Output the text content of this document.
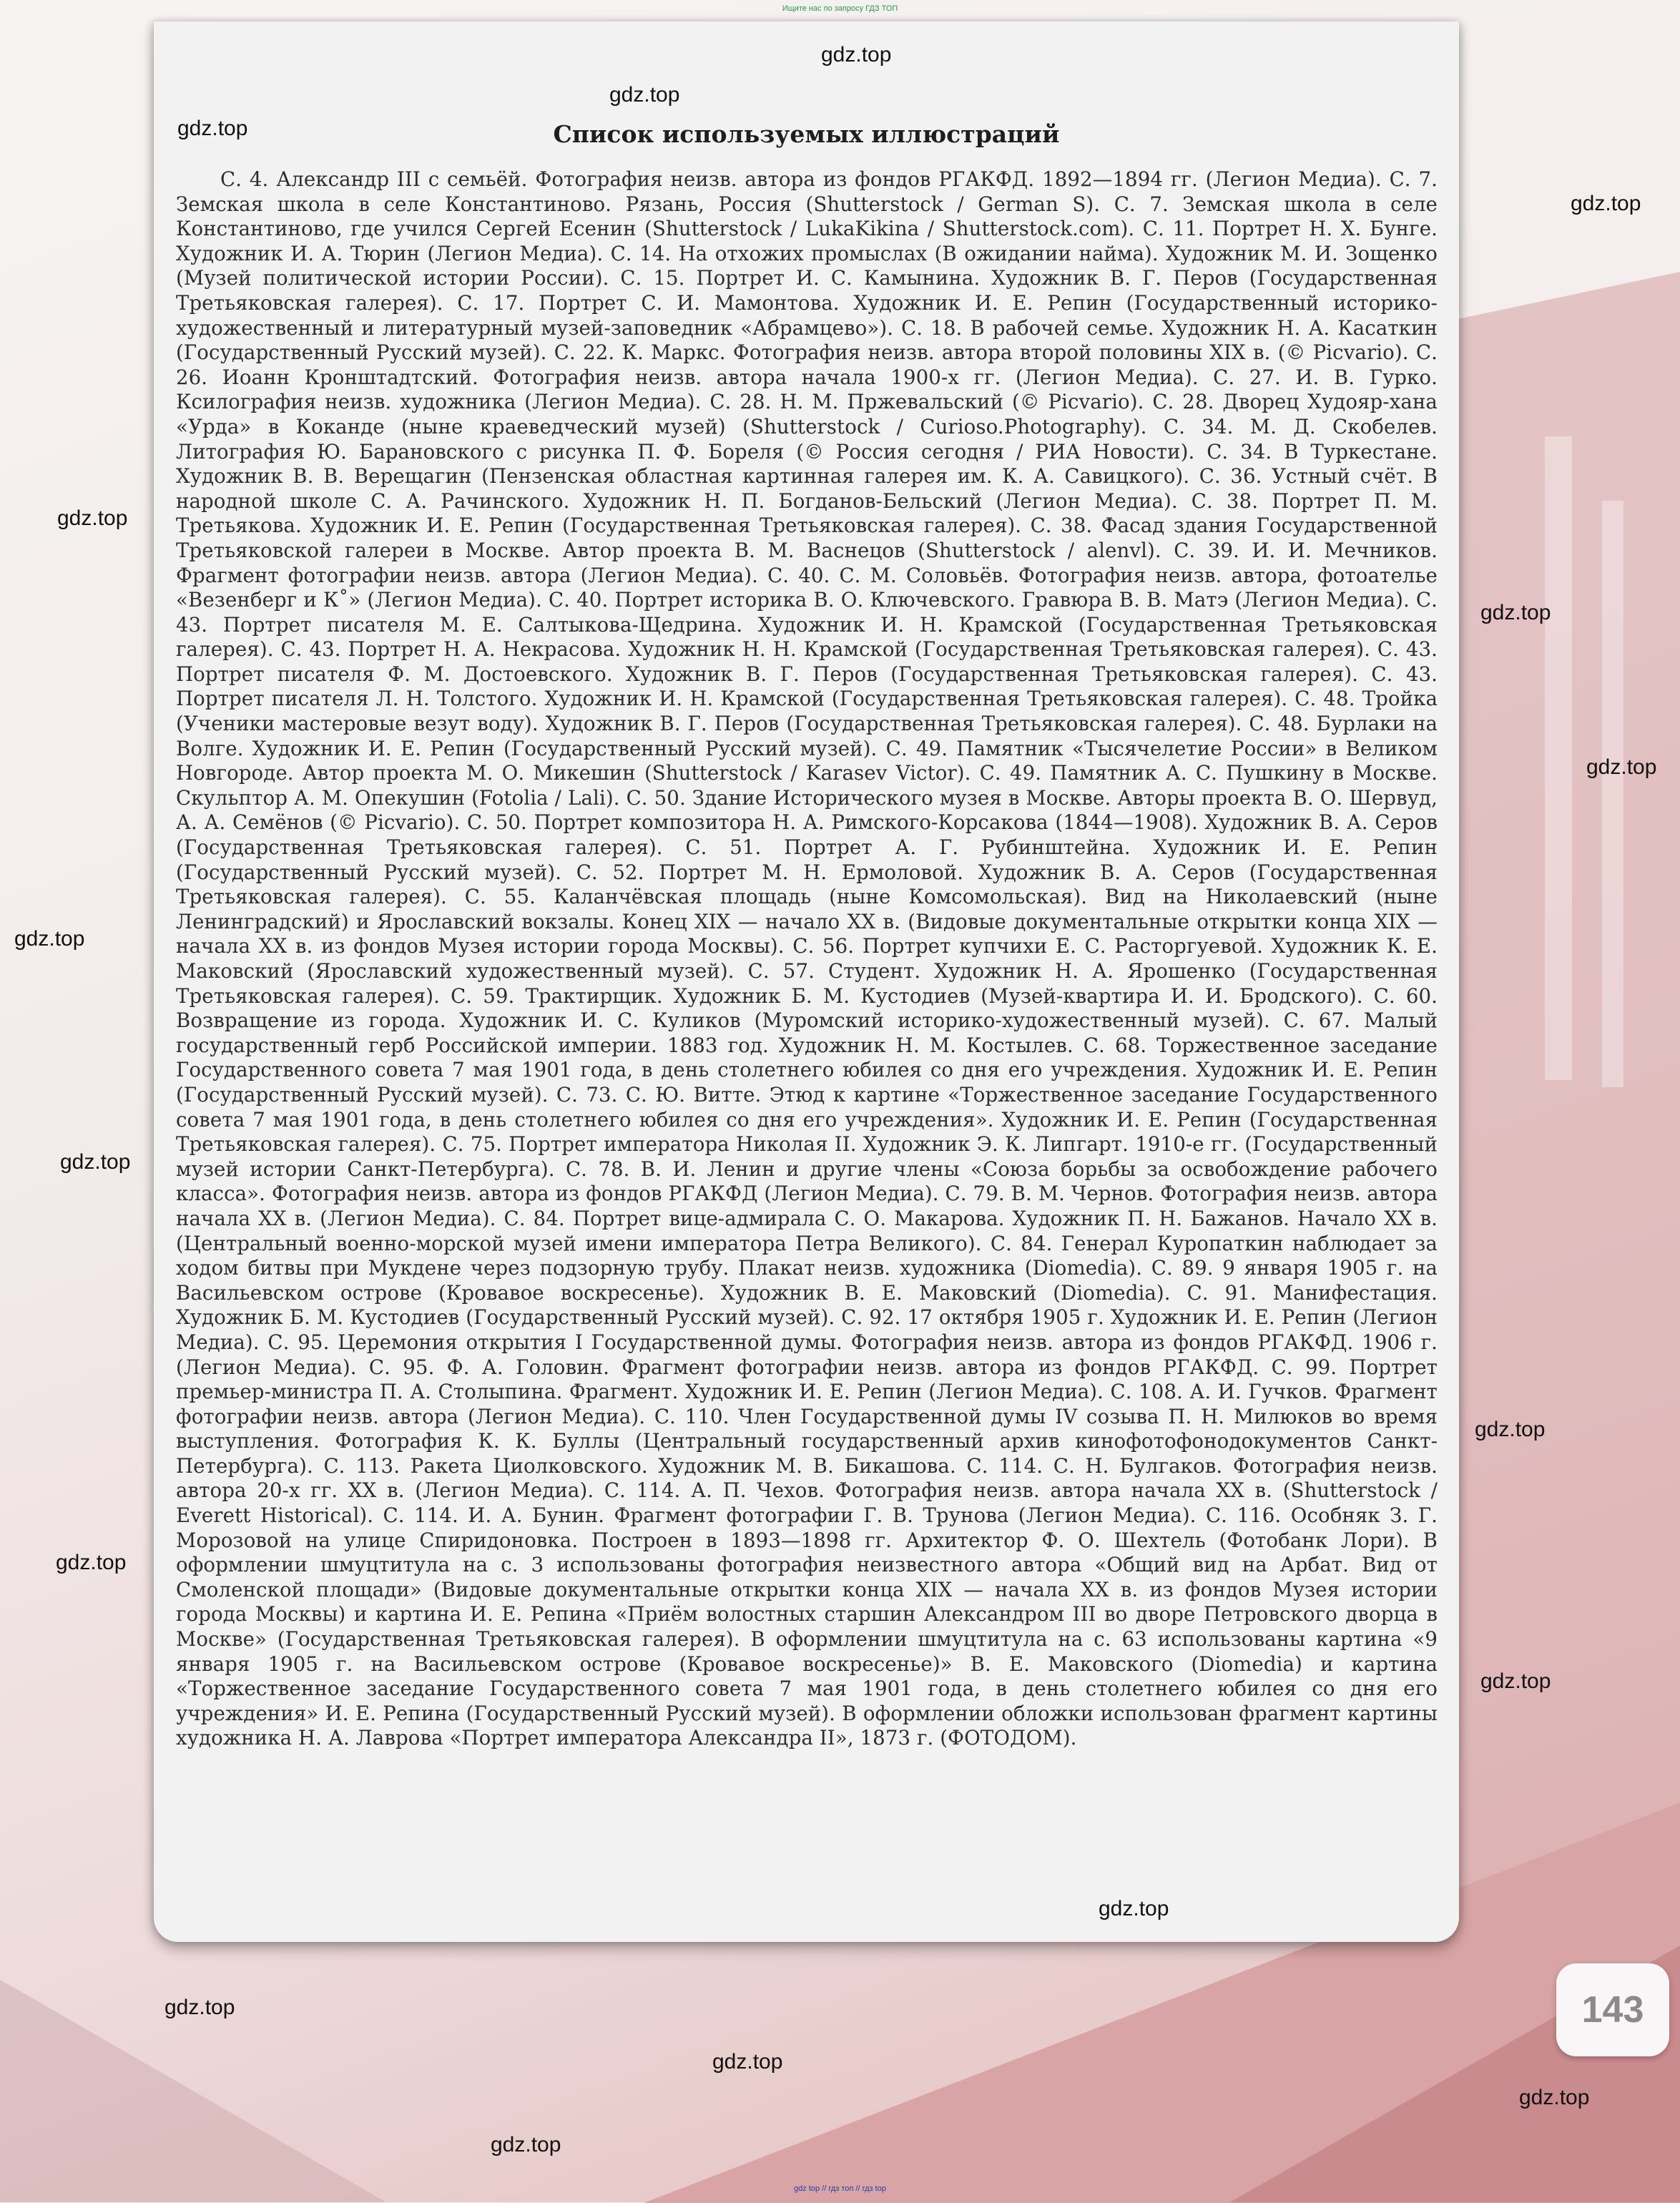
Ищите нас по запросу ГДЗ ТОП
Список используемых иллюстраций
С. 4. Александр III с семьёй. Фотография неизв. автора из фондов РГАКФД. 1892—1894 гг. (Легион Медиа). С. 7. Земская школа в селе Константиново. Рязань, Россия (Shutterstock / German S). С. 7. Земская школа в селе Константиново, где учился Сергей Есенин (Shutterstock / LukaKikina / Shutterstock.com). С. 11. Портрет Н. Х. Бунге. Художник И. А. Тюрин (Легион Медиа). С. 14. На отхожих промыслах (В ожидании найма). Художник М. И. Зощенко (Музей политической истории России). С. 15. Портрет И. С. Камынина. Художник В. Г. Перов (Государственная Третьяковская галерея). С. 17. Портрет С. И. Мамонтова. Художник И. Е. Репин (Государственный историко-художественный и литературный музей-заповедник «Абрамцево»). С. 18. В рабочей семье. Художник Н. А. Касаткин (Государственный Русский музей). С. 22. К. Маркс. Фотография неизв. автора второй половины XIX в. (© Picvario). С. 26. Иоанн Кронштадтский. Фотография неизв. автора начала 1900-х гг. (Легион Медиа). С. 27. И. В. Гурко. Ксилография неизв. художника (Легион Медиа). С. 28. Н. М. Пржевальский (© Picvario). С. 28. Дворец Худояр-хана «Урда» в Коканде (ныне краеведческий музей) (Shutterstock / Curioso.Photography). С. 34. М. Д. Скобелев. Литография Ю. Барановского с рисунка П. Ф. Бореля (© Россия сегодня / РИА Новости). С. 34. В Туркестане. Художник В. В. Верещагин (Пензенская областная картинная галерея им. К. А. Савицкого). С. 36. Устный счёт. В народной школе С. А. Рачинского. Художник Н. П. Богданов-Бельский (Легион Медиа). С. 38. Портрет П. М. Третьякова. Художник И. Е. Репин (Государственная Третьяковская галерея). С. 38. Фасад здания Государственной Третьяковской галереи в Москве. Автор проекта В. М. Васнецов (Shutterstock / alenvl). С. 39. И. И. Мечников. Фрагмент фотографии неизв. автора (Легион Медиа). С. 40. С. М. Соловьёв. Фотография неизв. автора, фотоателье «Везенберг и К˚» (Легион Медиа). С. 40. Портрет историка В. О. Ключевского. Гравюра В. В. Матэ (Легион Медиа). С. 43. Портрет писателя М. Е. Салтыкова-Щедрина. Художник И. Н. Крамской (Государственная Третьяковская галерея). С. 43. Портрет Н. А. Некрасова. Художник Н. Н. Крамской (Государственная Третьяковская галерея). С. 43. Портрет писателя Ф. М. Достоевского. Художник В. Г. Перов (Государственная Третьяковская галерея). С. 43. Портрет писателя Л. Н. Толстого. Художник И. Н. Крамской (Государственная Третьяковская галерея). С. 48. Тройка (Ученики мастеровые везут воду). Художник В. Г. Перов (Государственная Третьяковская галерея). С. 48. Бурлаки на Волге. Художник И. Е. Репин (Государственный Русский музей). С. 49. Памятник «Тысячелетие России» в Великом Новгороде. Автор проекта М. О. Микешин (Shutterstock / Karasev Victor). С. 49. Памятник А. С. Пушкину в Москве. Скульптор А. М. Опекушин (Fotolia / Lali). С. 50. Здание Исторического музея в Москве. Авторы проекта В. О. Шервуд, А. А. Семёнов (© Picvario). С. 50. Портрет композитора Н. А. Римского-Корсакова (1844—1908). Художник В. А. Серов (Государственная Третьяковская галерея). С. 51. Портрет А. Г. Рубинштейна. Художник И. Е. Репин (Государственный Русский музей). С. 52. Портрет М. Н. Ермоловой. Художник В. А. Серов (Государственная Третьяковская галерея). С. 55. Каланчёвская площадь (ныне Комсомольская). Вид на Николаевский (ныне Ленинградский) и Ярославский вокзалы. Конец XIX — начало XX в. (Видовые документальные открытки конца XIX — начала XX в. из фондов Музея истории города Москвы). С. 56. Портрет купчихи Е. С. Расторгуевой. Художник К. Е. Маковский (Ярославский художественный музей). С. 57. Студент. Художник Н. А. Ярошенко (Государственная Третьяковская галерея). С. 59. Трактирщик. Художник Б. М. Кустодиев (Музей-квартира И. И. Бродского). С. 60. Возвращение из города. Художник И. С. Куликов (Муромский историко-художественный музей). С. 67. Малый государственный герб Российской империи. 1883 год. Художник Н. М. Костылев. С. 68. Торжественное заседание Государственного совета 7 мая 1901 года, в день столетнего юбилея со дня его учреждения. Художник И. Е. Репин (Государственный Русский музей). С. 73. С. Ю. Витте. Этюд к картине «Торжественное заседание Государственного совета 7 мая 1901 года, в день столетнего юбилея со дня его учреждения». Художник И. Е. Репин (Государственная Третьяковская галерея). С. 75. Портрет императора Николая II. Художник Э. К. Липгарт. 1910-е гг. (Государственный музей истории Санкт-Петербурга). С. 78. В. И. Ленин и другие члены «Союза борьбы за освобождение рабочего класса». Фотография неизв. автора из фондов РГАКФД (Легион Медиа). С. 79. В. М. Чернов. Фотография неизв. автора начала XX в. (Легион Медиа). С. 84. Портрет вице-адмирала С. О. Макарова. Художник П. Н. Бажанов. Начало XX в. (Центральный военно-морской музей имени императора Петра Великого). С. 84. Генерал Куропаткин наблюдает за ходом битвы при Мукдене через подзорную трубу. Плакат неизв. художника (Diomedia). С. 89. 9 января 1905 г. на Васильевском острове (Кровавое воскресенье). Художник В. Е. Маковский (Diomedia). С. 91. Манифестация. Художник Б. М. Кустодиев (Государственный Русский музей). С. 92. 17 октября 1905 г. Художник И. Е. Репин (Легион Медиа). С. 95. Церемония открытия I Государственной думы. Фотография неизв. автора из фондов РГАКФД. 1906 г. (Легион Медиа). С. 95. Ф. А. Головин. Фрагмент фотографии неизв. автора из фондов РГАКФД. С. 99. Портрет премьер-министра П. А. Столыпина. Фрагмент. Художник И. Е. Репин (Легион Медиа). С. 108. А. И. Гучков. Фрагмент фотографии неизв. автора (Легион Медиа). С. 110. Член Государственной думы IV созыва П. Н. Милюков во время выступления. Фотография К. К. Буллы (Центральный государственный архив кинофотофонодокументов Санкт-Петербурга). С. 113. Ракета Циолковского. Художник М. В. Бикашова. С. 114. С. Н. Булгаков. Фотография неизв. автора 20-х гг. XX в. (Легион Медиа). С. 114. А. П. Чехов. Фотография неизв. автора начала XX в. (Shutterstock / Everett Historical). С. 114. И. А. Бунин. Фрагмент фотографии Г. В. Трунова (Легион Медиа). С. 116. Особняк З. Г. Морозовой на улице Спиридоновка. Построен в 1893—1898 гг. Архитектор Ф. О. Шехтель (Фотобанк Лори). В оформлении шмуцтитула на с. 3 использованы фотография неизвестного автора «Общий вид на Арбат. Вид от Смоленской площади» (Видовые документальные открытки конца XIX — начала XX в. из фондов Музея истории города Москвы) и картина И. Е. Репина «Приём волостных старшин Александром III во дворе Петровского дворца в Москве» (Государственная Третьяковская галерея). В оформлении шмуцтитула на с. 63 использованы картина «9 января 1905 г. на Васильевском острове (Кровавое воскресенье)» В. Е. Маковского (Diomedia) и картина «Торжественное заседание Государственного совета 7 мая 1901 года, в день столетнего юбилея со дня его учреждения» И. Е. Репина (Государственный Русский музей). В оформлении обложки использован фрагмент картины художника Н. А. Лаврова «Портрет императора Александра II», 1873 г. (ФОТОДОМ).
143
gdz.top
gdz.top
gdz.top
gdz.top
gdz.top
gdz.top
gdz.top
gdz.top
gdz.top
gdz.top
gdz.top
gdz.top
gdz.top
gdz.top
gdz.top
gdz.top
gdz.top
gdz top // гдз топ // гдз top
